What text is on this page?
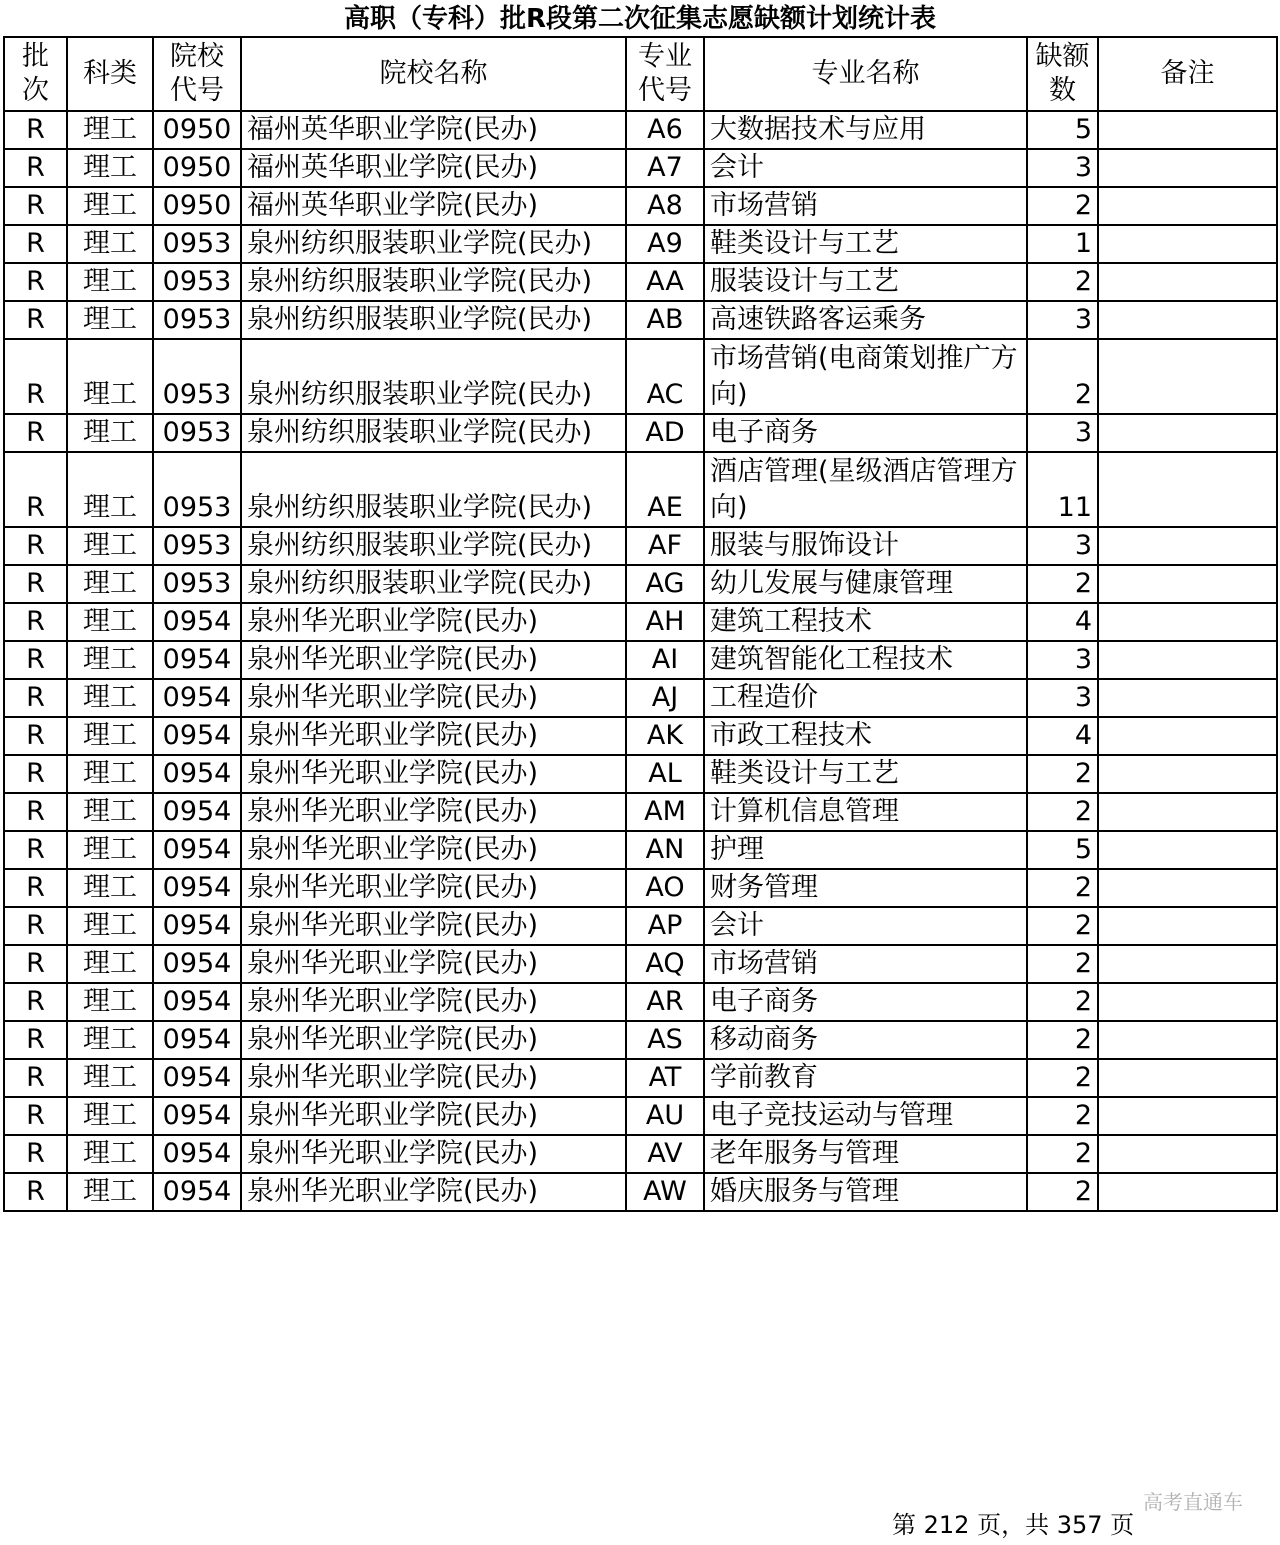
高职（专科）批R段第二次征集志愿缺额计划统计表
批次	科类	院校代号	院校名称	专业代号	专业名称	缺额数	备注
R	理工	0950	福州英华职业学院(民办)	A6	大数据技术与应用	5	
R	理工	0950	福州英华职业学院(民办)	A7	会计	3	
R	理工	0950	福州英华职业学院(民办)	A8	市场营销	2	
R	理工	0953	泉州纺织服装职业学院(民办)	A9	鞋类设计与工艺	1	
R	理工	0953	泉州纺织服装职业学院(民办)	AA	服装设计与工艺	2	
R	理工	0953	泉州纺织服装职业学院(民办)	AB	高速铁路客运乘务	3	
R	理工	0953	泉州纺织服装职业学院(民办)	AC	市场营销(电商策划推广方向)	2	
R	理工	0953	泉州纺织服装职业学院(民办)	AD	电子商务	3	
R	理工	0953	泉州纺织服装职业学院(民办)	AE	酒店管理(星级酒店管理方向)	11	
R	理工	0953	泉州纺织服装职业学院(民办)	AF	服装与服饰设计	3	
R	理工	0953	泉州纺织服装职业学院(民办)	AG	幼儿发展与健康管理	2	
R	理工	0954	泉州华光职业学院(民办)	AH	建筑工程技术	4	
R	理工	0954	泉州华光职业学院(民办)	AI	建筑智能化工程技术	3	
R	理工	0954	泉州华光职业学院(民办)	AJ	工程造价	3	
R	理工	0954	泉州华光职业学院(民办)	AK	市政工程技术	4	
R	理工	0954	泉州华光职业学院(民办)	AL	鞋类设计与工艺	2	
R	理工	0954	泉州华光职业学院(民办)	AM	计算机信息管理	2	
R	理工	0954	泉州华光职业学院(民办)	AN	护理	5	
R	理工	0954	泉州华光职业学院(民办)	AO	财务管理	2	
R	理工	0954	泉州华光职业学院(民办)	AP	会计	2	
R	理工	0954	泉州华光职业学院(民办)	AQ	市场营销	2	
R	理工	0954	泉州华光职业学院(民办)	AR	电子商务	2	
R	理工	0954	泉州华光职业学院(民办)	AS	移动商务	2	
R	理工	0954	泉州华光职业学院(民办)	AT	学前教育	2	
R	理工	0954	泉州华光职业学院(民办)	AU	电子竞技运动与管理	2	
R	理工	0954	泉州华光职业学院(民办)	AV	老年服务与管理	2	
R	理工	0954	泉州华光职业学院(民办)	AW	婚庆服务与管理	2	
高考直通车
第 212 页，共 357 页
